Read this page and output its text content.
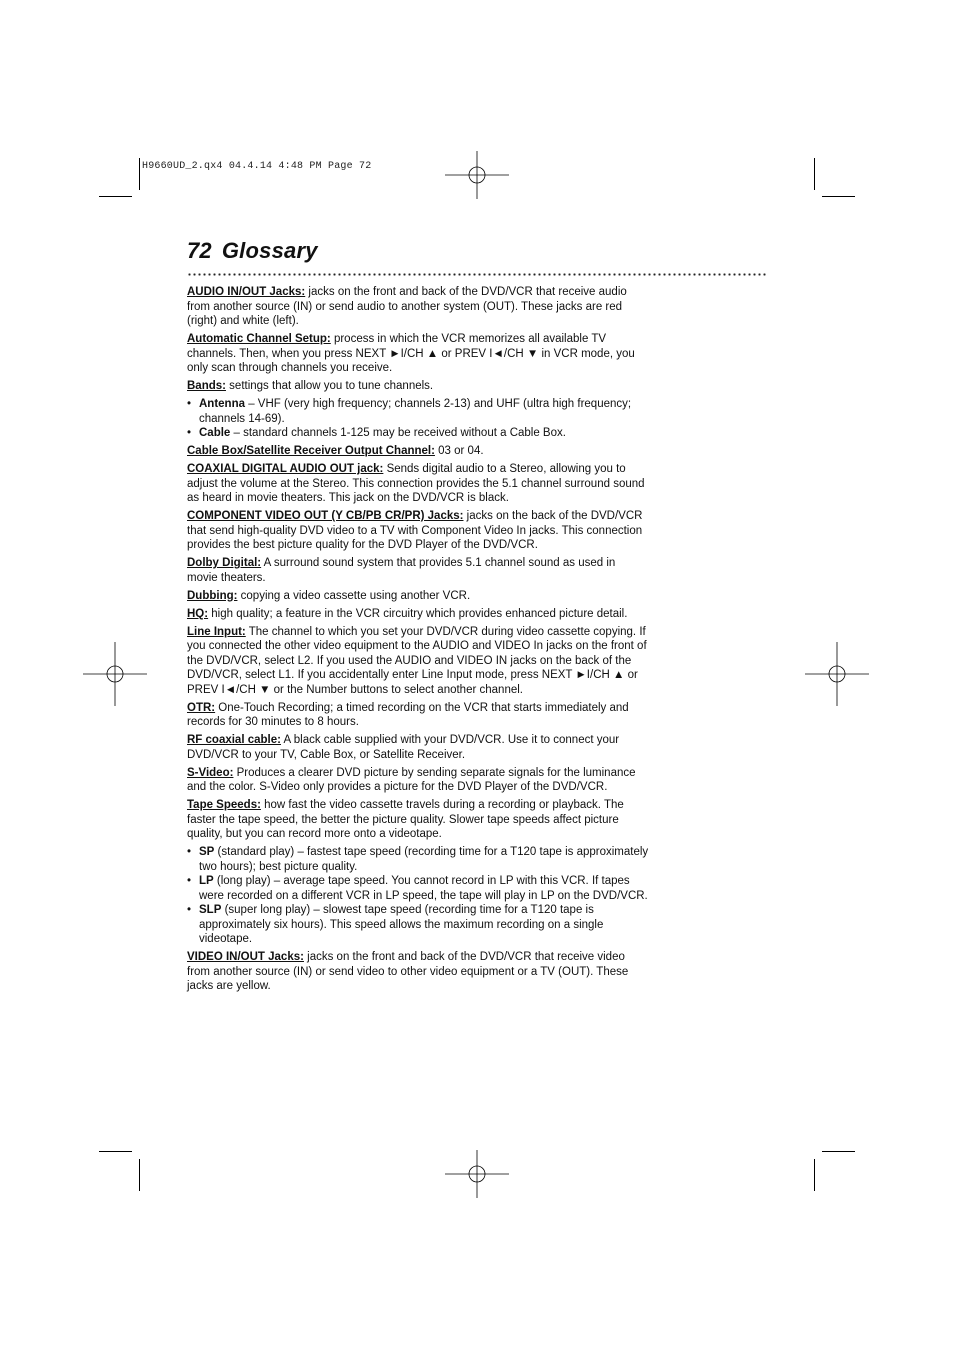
H9660UD_2.qx4 04.4.14 4:48 PM Page 72
72 Glossary

AUDIO IN/OUT Jacks: jacks on the front and back of the DVD/VCR that receive audio from another source (IN) or send audio to another system (OUT). These jacks are red (right) and white (left).

Automatic Channel Setup: process in which the VCR memorizes all available TV channels. Then, when you press NEXT ►I/CH ▲ or PREV I◄/CH ▼ in VCR mode, you only scan through channels you receive.

Bands: settings that allow you to tune channels.

• Antenna – VHF (very high frequency; channels 2-13) and UHF (ultra high frequency; channels 14-69).
• Cable – standard channels 1-125 may be received without a Cable Box.

Cable Box/Satellite Receiver Output Channel: 03 or 04.

COAXIAL DIGITAL AUDIO OUT jack: Sends digital audio to a Stereo, allowing you to adjust the volume at the Stereo. This connection provides the 5.1 channel surround sound as heard in movie theaters. This jack on the DVD/VCR is black.

COMPONENT VIDEO OUT (Y CB/PB CR/PR) Jacks: jacks on the back of the DVD/VCR that send high-quality DVD video to a TV with Component Video In jacks. This connection provides the best picture quality for the DVD Player of the DVD/VCR.

Dolby Digital: A surround sound system that provides 5.1 channel sound as used in movie theaters.

Dubbing: copying a video cassette using another VCR.

HQ: high quality; a feature in the VCR circuitry which provides enhanced picture detail.

Line Input: The channel to which you set your DVD/VCR during video cassette copying. If you connected the other video equipment to the AUDIO and VIDEO In jacks on the front of the DVD/VCR, select L2. If you used the AUDIO and VIDEO IN jacks on the back of the DVD/VCR, select L1. If you accidentally enter Line Input mode, press NEXT ►I/CH ▲ or PREV I◄/CH ▼ or the Number buttons to select another channel.

OTR: One-Touch Recording; a timed recording on the VCR that starts immediately and records for 30 minutes to 8 hours.

RF coaxial cable: A black cable supplied with your DVD/VCR. Use it to connect your DVD/VCR to your TV, Cable Box, or Satellite Receiver.

S-Video: Produces a clearer DVD picture by sending separate signals for the luminance and the color. S-Video only provides a picture for the DVD Player of the DVD/VCR.

Tape Speeds: how fast the video cassette travels during a recording or playback. The faster the tape speed, the better the picture quality. Slower tape speeds affect picture quality, but you can record more onto a videotape.

• SP (standard play) – fastest tape speed (recording time for a T120 tape is approximately two hours); best picture quality.
• LP (long play) – average tape speed. You cannot record in LP with this VCR. If tapes were recorded on a different VCR in LP speed, the tape will play in LP on the DVD/VCR.
• SLP (super long play) – slowest tape speed (recording time for a T120 tape is approximately six hours). This speed allows the maximum recording on a single videotape.

VIDEO IN/OUT Jacks: jacks on the front and back of the DVD/VCR that receive video from another source (IN) or send video to other video equipment or a TV (OUT). These jacks are yellow.
